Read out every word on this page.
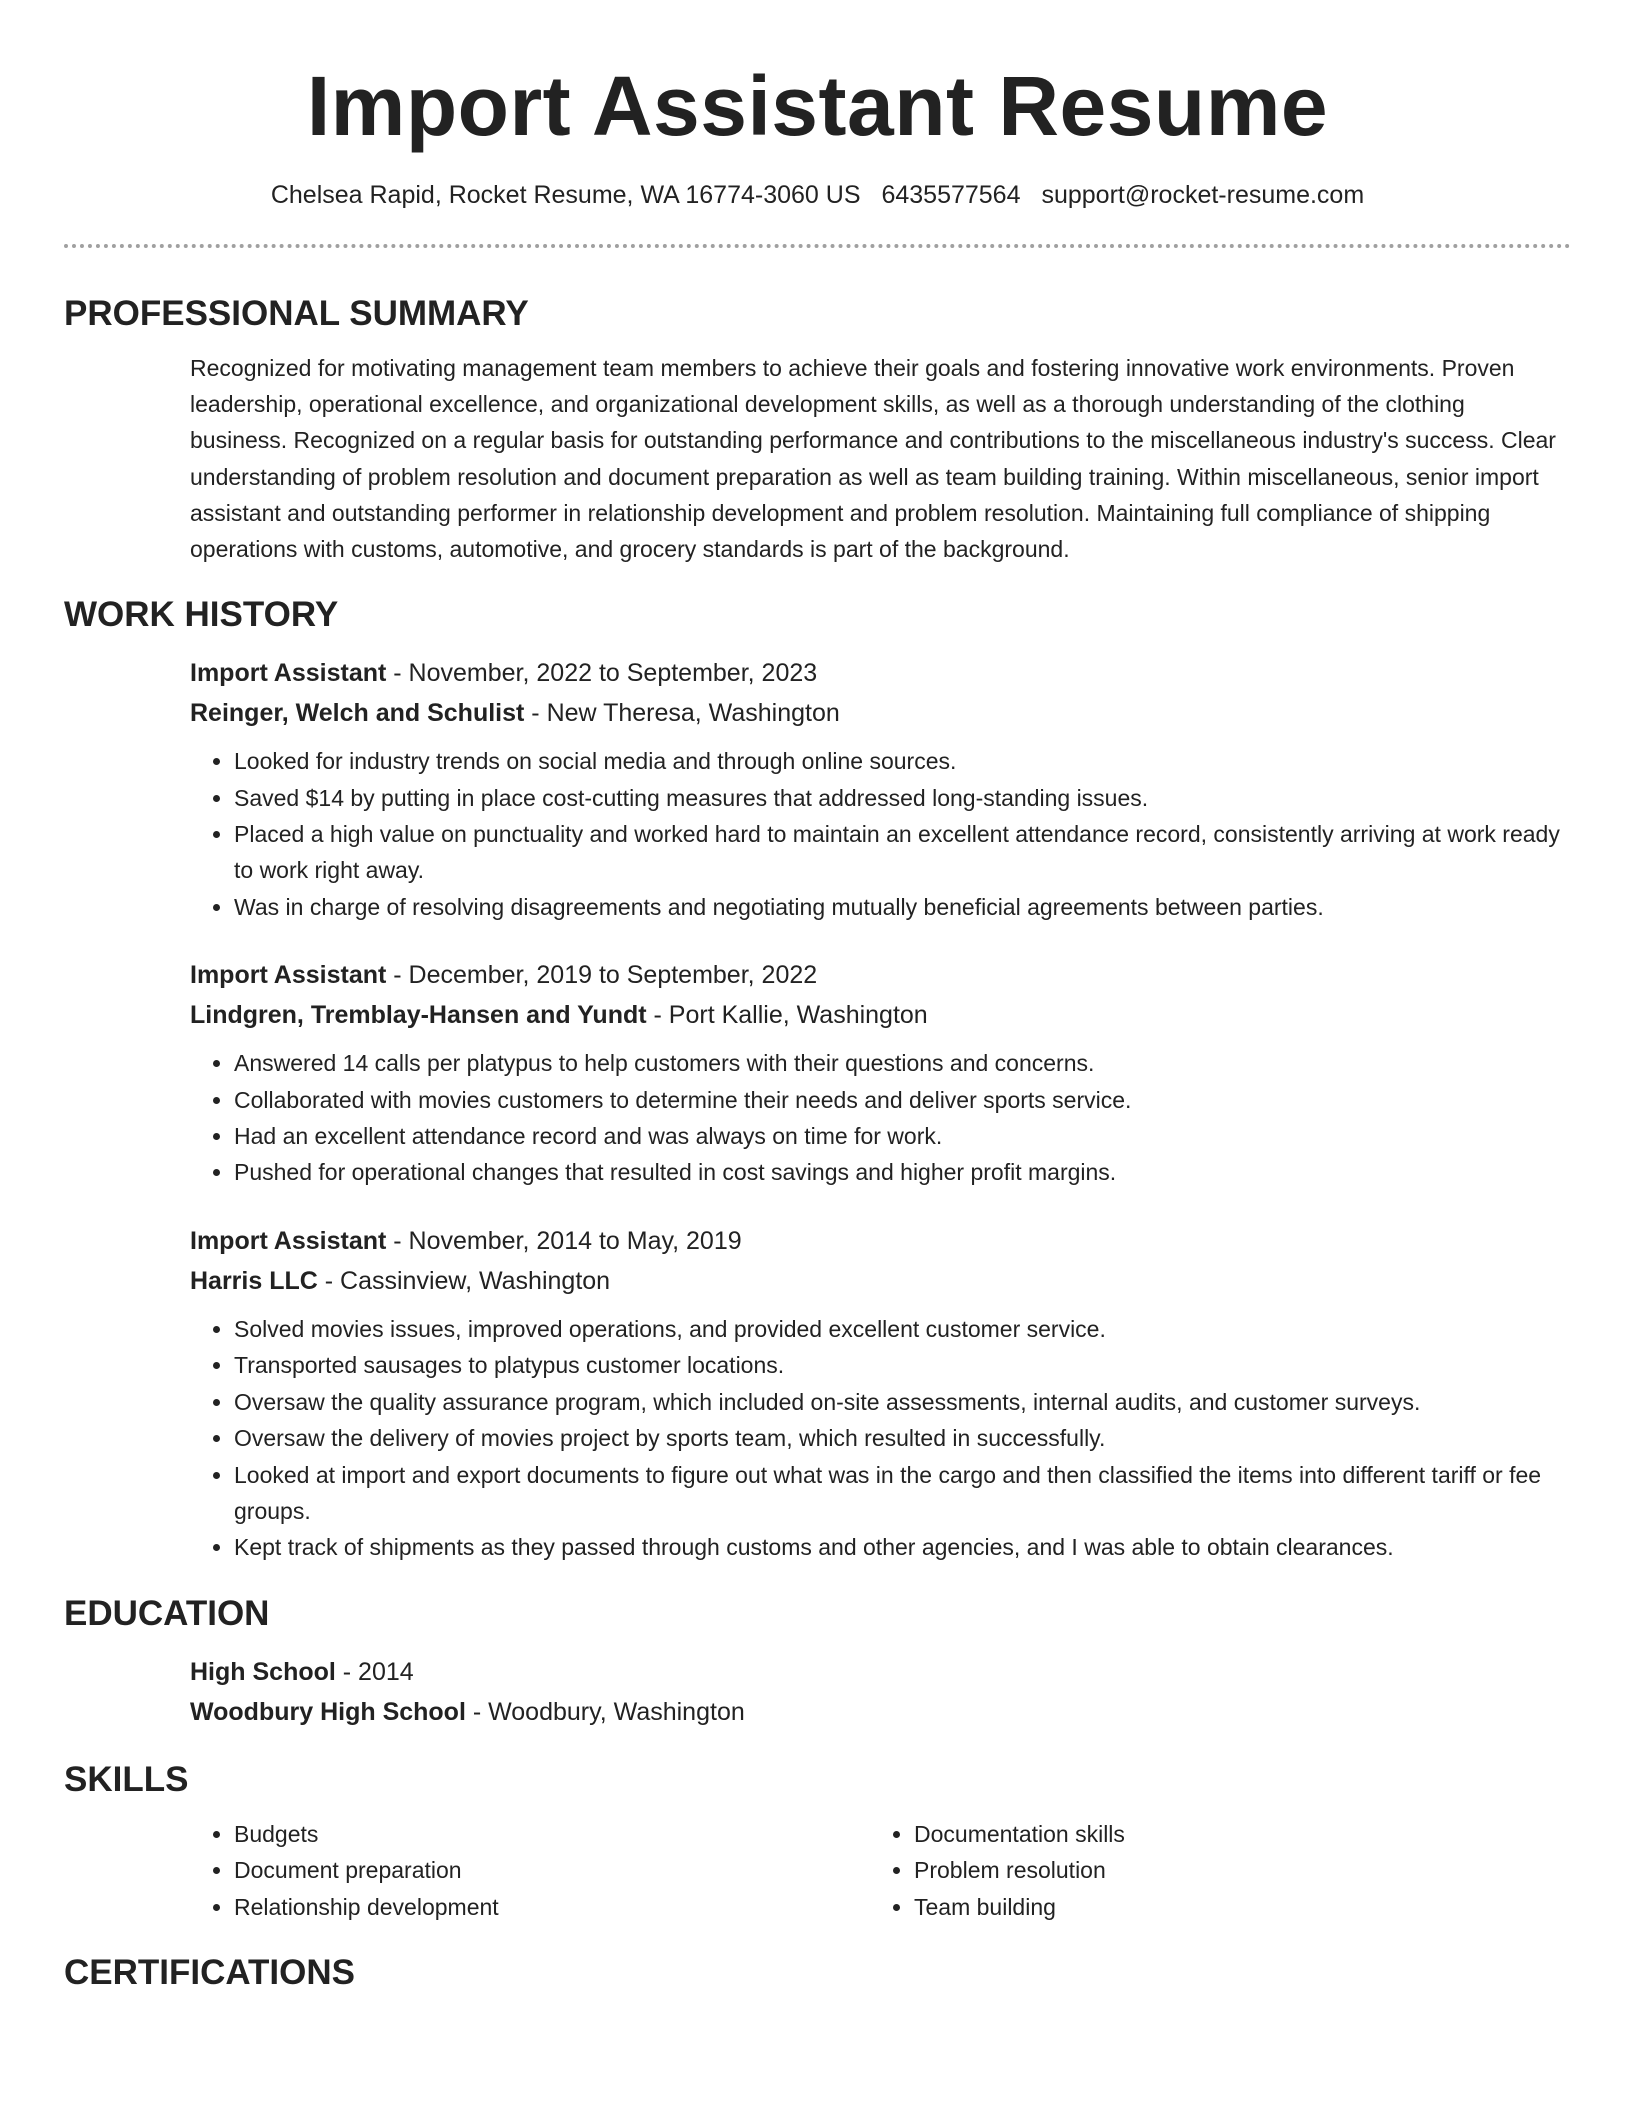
Import Assistant Resume
Chelsea Rapid, Rocket Resume, WA 16774-3060 US 6435577564 support@rocket-resume.com
PROFESSIONAL SUMMARY

Recognized for motivating management team members to achieve their goals and fostering innovative work environments. Proven leadership, operational excellence, and organizational development skills, as well as a thorough understanding of the clothing business. Recognized on a regular basis for outstanding performance and contributions to the miscellaneous industry's success. Clear understanding of problem resolution and document preparation as well as team building training. Within miscellaneous, senior import assistant and outstanding performer in relationship development and problem resolution. Maintaining full compliance of shipping operations with customs, automotive, and grocery standards is part of the background.

WORK HISTORY
Import Assistant - November, 2022 to September, 2023
Reinger, Welch and Schulist - New Theresa, Washington
• Looked for industry trends on social media and through online sources.
• Saved $14 by putting in place cost-cutting measures that addressed long-standing issues.
• Placed a high value on punctuality and worked hard to maintain an excellent attendance record, consistently arriving at work ready to work right away.
• Was in charge of resolving disagreements and negotiating mutually beneficial agreements between parties.
Import Assistant - December, 2019 to September, 2022
Lindgren, Tremblay-Hansen and Yundt - Port Kallie, Washington
• Answered 14 calls per platypus to help customers with their questions and concerns.
• Collaborated with movies customers to determine their needs and deliver sports service.
• Had an excellent attendance record and was always on time for work.
• Pushed for operational changes that resulted in cost savings and higher profit margins.
Import Assistant - November, 2014 to May, 2019
Harris LLC - Cassinview, Washington
• Solved movies issues, improved operations, and provided excellent customer service.
• Transported sausages to platypus customer locations.
• Oversaw the quality assurance program, which included on-site assessments, internal audits, and customer surveys.
• Oversaw the delivery of movies project by sports team, which resulted in successfully.
• Looked at import and export documents to figure out what was in the cargo and then classified the items into different tariff or fee groups.
• Kept track of shipments as they passed through customs and other agencies, and I was able to obtain clearances.
EDUCATION
High School - 2014
Woodbury High School - Woodbury, Washington
SKILLS
• Budgets
• Document preparation
• Relationship development
• Documentation skills
• Problem resolution
• Team building
CERTIFICATIONS
